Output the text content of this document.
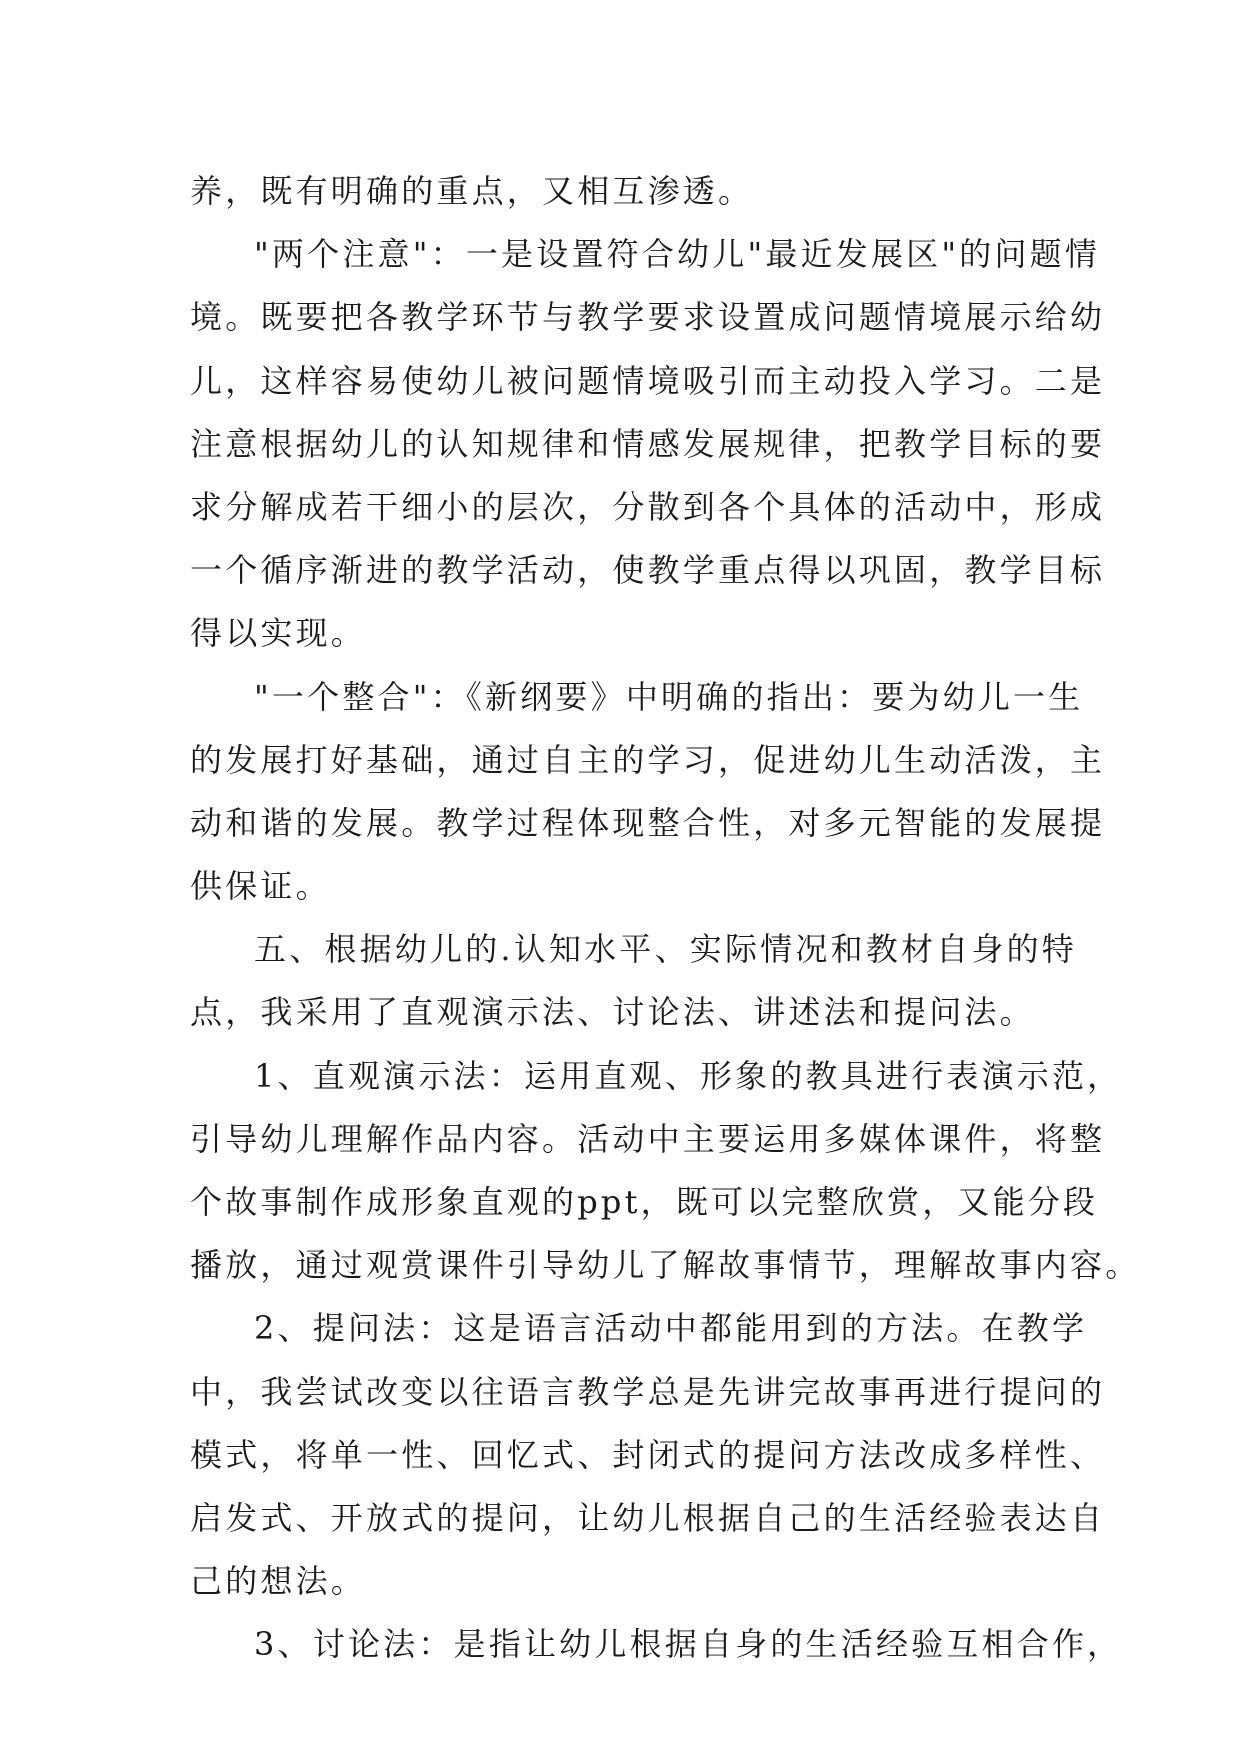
养，既有明确的重点，又相互渗透。
"两个注意"：一是设置符合幼儿"最近发展区"的问题情
境。既要把各教学环节与教学要求设置成问题情境展示给幼
儿，这样容易使幼儿被问题情境吸引而主动投入学习。二是
注意根据幼儿的认知规律和情感发展规律，把教学目标的要
求分解成若干细小的层次，分散到各个具体的活动中，形成
一个循序渐进的教学活动，使教学重点得以巩固，教学目标
得以实现。
"一个整合"：《新纲要》中明确的指出：要为幼儿一生
的发展打好基础，通过自主的学习，促进幼儿生动活泼，主
动和谐的发展。教学过程体现整合性，对多元智能的发展提
供保证。
五、根据幼儿的.认知水平、实际情况和教材自身的特
点，我采用了直观演示法、讨论法、讲述法和提问法。
1、直观演示法：运用直观、形象的教具进行表演示范，
引导幼儿理解作品内容。活动中主要运用多媒体课件，将整
个故事制作成形象直观的ppt，既可以完整欣赏，又能分段
播放，通过观赏课件引导幼儿了解故事情节，理解故事内容。
2、提问法：这是语言活动中都能用到的方法。在教学
中，我尝试改变以往语言教学总是先讲完故事再进行提问的
模式，将单一性、回忆式、封闭式的提问方法改成多样性、
启发式、开放式的提问，让幼儿根据自己的生活经验表达自
己的想法。
3、讨论法：是指让幼儿根据自身的生活经验互相合作，
